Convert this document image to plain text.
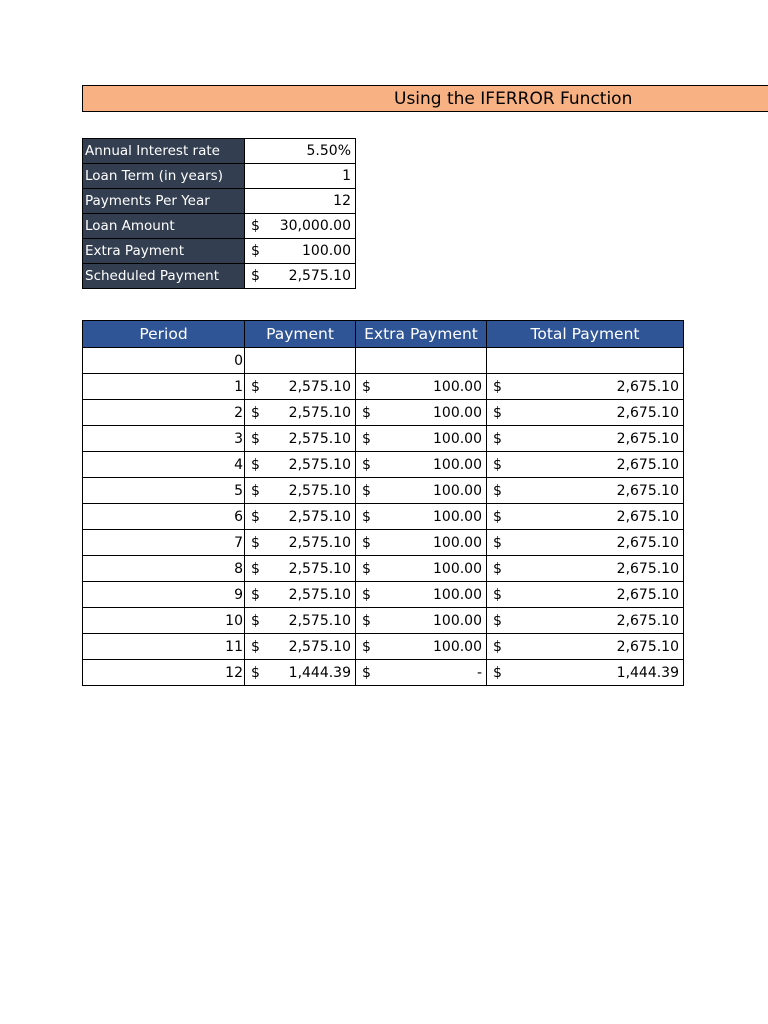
Using the IFERROR Function
Annual Interest rate	5.50%
Loan Term (in years)	1
Payments Per Year	12
Loan Amount	$ 30,000.00

Extra Payment	$ 100.00

Scheduled Payment	$ 2,575.10
Period	Payment	Extra Payment	Total Payment
0			
1	$ 2,575.10	$ 100.00	$ 2,675.10

2	$ 2,575.10	$ 100.00	$ 2,675.10

3	$ 2,575.10	$ 100.00	$ 2,675.10

4	$ 2,575.10	$ 100.00	$ 2,675.10

5	$ 2,575.10	$ 100.00	$ 2,675.10

6	$ 2,575.10	$ 100.00	$ 2,675.10

7	$ 2,575.10	$ 100.00	$ 2,675.10

8	$ 2,575.10	$ 100.00	$ 2,675.10

9	$ 2,575.10	$ 100.00	$ 2,675.10

10	$ 2,575.10	$ 100.00	$ 2,675.10

11	$ 2,575.10	$ 100.00	$ 2,675.10

12	$ 1,444.39	$ -	$ 1,444.39
